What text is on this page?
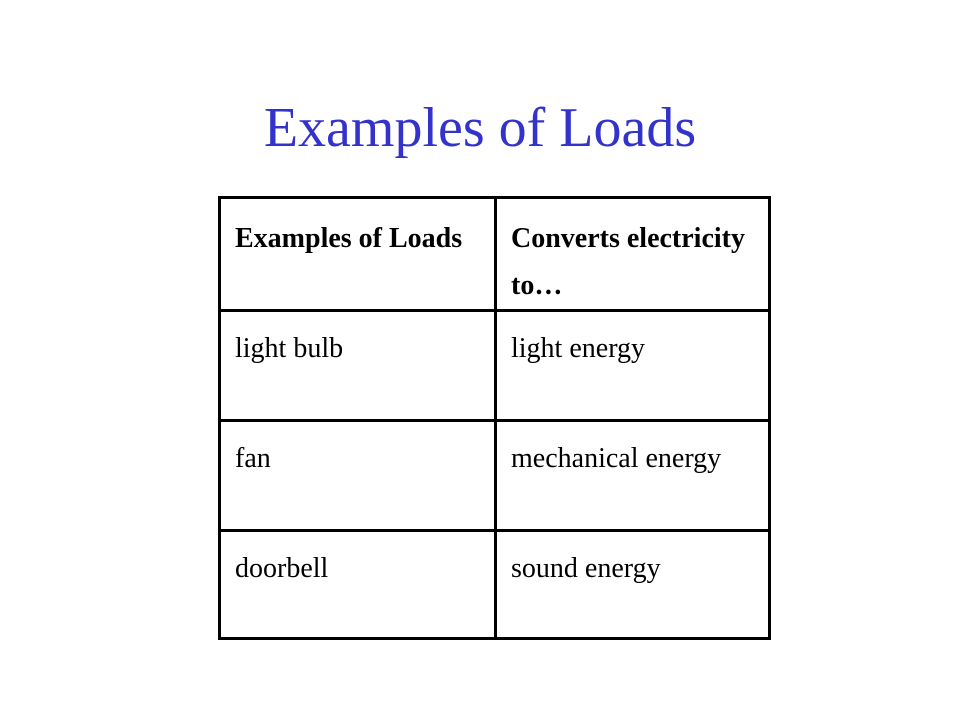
Examples of Loads
Examples of Loads	Converts electricity to…
light bulb	light energy
fan	mechanical energy
doorbell	sound energy
